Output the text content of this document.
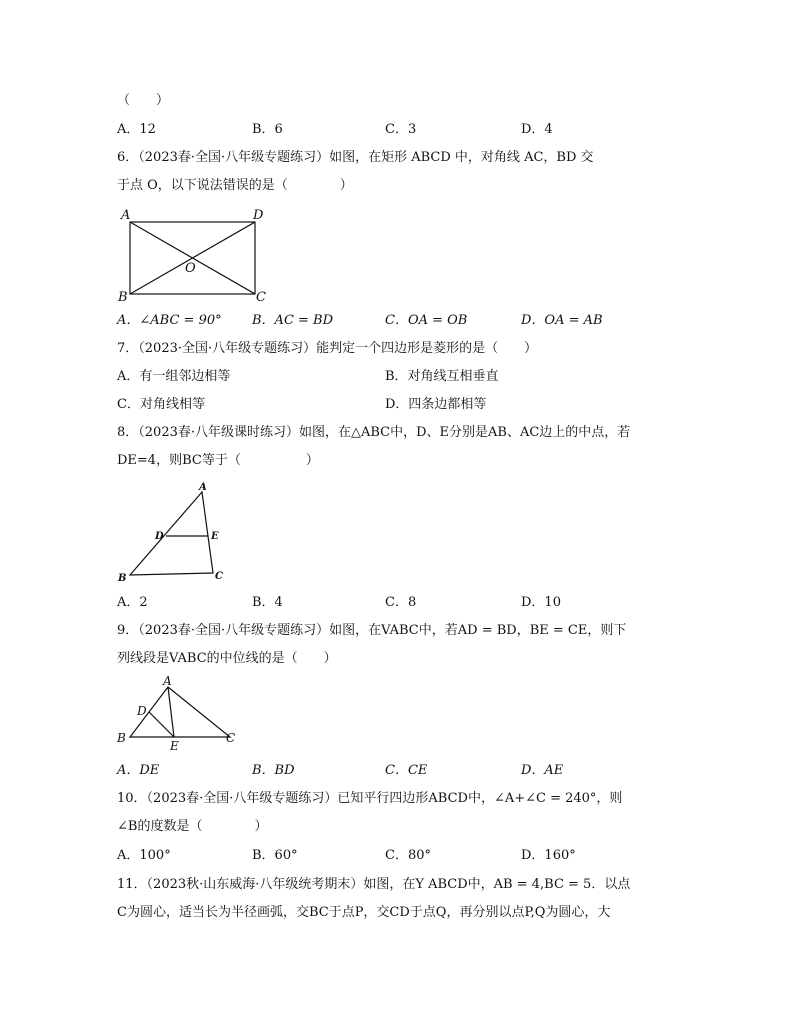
（　　）
A．12	B．6	C．3	D．4
6．（2023春·全国·八年级专题练习）如图，在矩形 ABCD 中，对角线 AC，BD 交
于点 O，以下说法错误的是（　　　　）
A	D
O
B	C
A．∠ABC = 90° B．AC = BD	C．OA = OB	D．OA = AB
7．（2023·全国·八年级专题练习）能判定一个四边形是菱形的是（　　）
A．有一组邻边相等	B．对角线互相垂直
C．对角线相等	D．四条边都相等
8．（2023春·八年级课时练习）如图，在△ABC中，D、E分别是AB、AC边上的中点，若
DE=4，则BC等于（　　　　　）
A
D	E
B	C
A．2	B．4	C．8	D．10
9．（2023春·全国·八年级专题练习）如图，在VABC中，若AD = BD，BE = CE，则下
列线段是VABC的中位线的是（　　）
A
D
B
E
C
A．DE	B．BD	C．CE	D．AE
10．（2023春·全国·八年级专题练习）已知平行四边形ABCD中，∠A+∠C = 240°，则
∠B的度数是（　　　　）
A．100°	B．60°	C．80°	D．160°
11．（2023秋·山东威海·八年级统考期末）如图，在Y ABCD中，AB = 4,BC = 5．以点
C为圆心，适当长为半径画弧，交BC于点P，交CD于点Q，再分别以点P,Q为圆心，大
